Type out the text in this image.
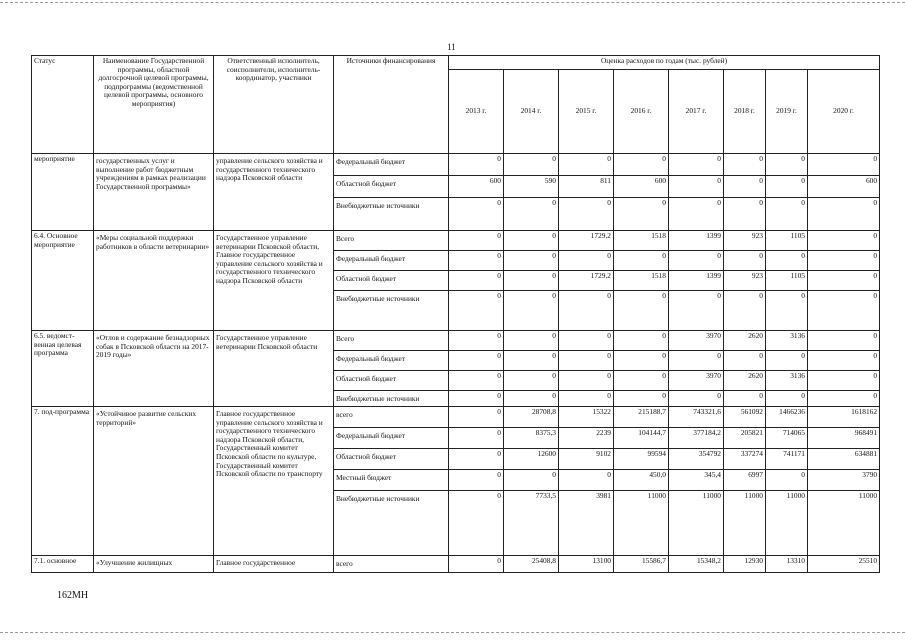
11
Статус	Наименование Государственной программы, областной долгосрочной целевой программы, подпрограммы (ведомственной целевой программы, основного мероприятия)	Ответственный исполнитель, соисполнители, исполнитель-координатор, участники	Источники финансирования	Оценка расходов по годам (тыс. рублей)							
				2013 г.	2014 г.	2015 г.	2016 г.	2017 г.	2018 г.	2019 г.	2020 г.
мероприятие	государственных услуг и выполнение работ бюджетным учреждениям в рамках реализации Государственной программы»	управление сельского хозяйства и государственного технического надзора Псковской области	Федеральный бюджет	0	0	0	0	0	0	0	0
			Областной бюджет	600	590	811	600	0	0	0	600
			Внебюджетные источники	0	0	0	0	0	0	0	0
6.4. Основное мероприятие	«Меры социальной поддержки работников в области ветеринарии»	Государственное управление ветеринарии Псковской области, Главное государственное управление сельского хозяйства и государственного технического надзора Псковской области	Всего	0	0	1729,2	1518	1399	923	1105	0
			Федеральный бюджет	0	0	0	0	0	0	0	0
			Областной бюджет	0	0	1729,2	1518	1399	923	1105	0
			Внебюджетные источники	0	0	0	0	0	0	0	0
6.5. ведомст-венная целевая программа	«Отлов и содержание безнадзорных собак в Псковской области на 2017-2019 годы»	Государственное управление ветеринарии Псковской области	Всего	0	0	0	0	3970	2620	3136	0
			Федеральный бюджет	0	0	0	0	0	0	0	0
			Областной бюджет	0	0	0	0	3970	2620	3136	0
			Внебюджетные источники	0	0	0	0	0	0	0	0
7. под-программа	«Устойчивое развитие сельских территорий»	Главное государственное управление сельского хозяйства и государственного технического надзора Псковской области, Государственный комитет Псковской области по культуре, Государственный комитет Псковской области по транспорту	всего	0	28708,8	15322	215188,7	743321,6	561092	1466236	1618162
			Федеральный бюджет	0	8375,3	2239	104144,7	377184,2	205821	714065	968491
			Областной бюджет	0	12600	9102	99594	354792	337274	741171	634881
			Местный бюджет	0	0	0	450,0	345,4	6997	0	3790
			Внебюджетные источники	0	7733,5	3981	11000	11000	11000	11000	11000
7.1. основное	«Улучшение жилищных	Главное государственное	всего	0	25408,8	13100	15586,7	15348,2	12930	13310	25510
162МН
